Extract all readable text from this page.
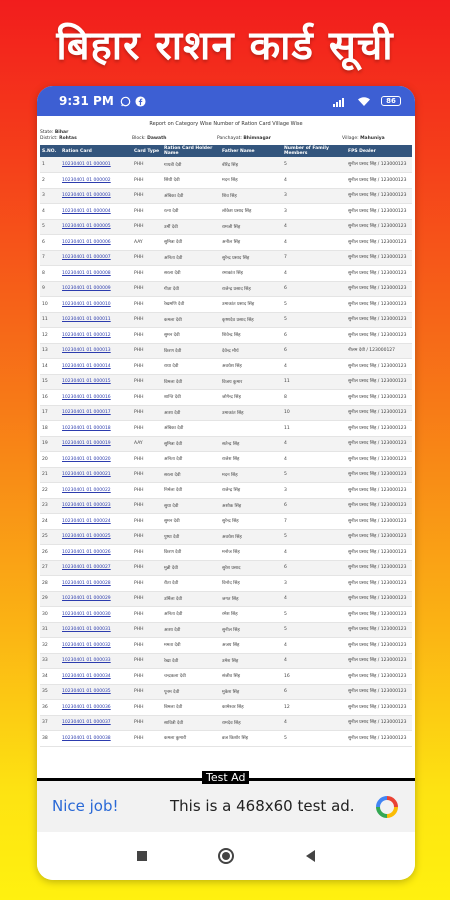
बिहार राशन कार्ड सूची
9:31 PM	86
Report on Category Wise Number of Ration Card Village Wise
State: Bihar
District: Rohtas	Block: Dawath	Panchayat: Bhimnagar	Village: Mahuniya
S.NO.	Ration Card	Card Type	Ration Card Holder Name	Father Name	Number of Family Members	FPS Dealer
1	10230401 01 000001	PHH	गायत्री देवी	बीरेंद्र सिंह	5	सुनील प्रसाद सिंह / 123000123
2	10230401 01 000002	PHH	सिंधी देवी	मदन सिंह	4	सुनील प्रसाद सिंह / 123000123
3	10230401 01 000003	PHH	अंबिका देवी	शिव सिंह	3	सुनील प्रसाद सिंह / 123000123
4	10230401 01 000004	PHH	रत्ना देवी	लोकेश प्रसाद सिंह	3	सुनील प्रसाद सिंह / 123000123
5	10230401 01 000005	PHH	उर्मी देवी	रामजी सिंह	4	सुनील प्रसाद सिंह / 123000123
6	10230401 01 000006	AAY	सुमित्रा देवी	अनील सिंह	4	सुनील प्रसाद सिंह / 123000123
7	10230401 01 000007	PHH	अनिता देवी	सुरेन्द्र प्रसाद सिंह	7	सुनील प्रसाद सिंह / 123000123
8	10230401 01 000008	PHH	सरला देवी	रमाकांत सिंह	4	सुनील प्रसाद सिंह / 123000123
9	10230401 01 000009	PHH	गीता देवी	राजेन्द्र प्रसाद सिंह	6	सुनील प्रसाद सिंह / 123000123
10	10230401 01 000010	PHH	रेखमणि देवी	उमाकांत प्रसाद सिंह	5	सुनील प्रसाद सिंह / 123000123
11	10230401 01 000011	PHH	कमला देवी	कृष्णदेव प्रसाद सिंह	5	सुनील प्रसाद सिंह / 123000123
12	10230401 01 000012	PHH	सुमन देवी	शिवेन्द्र सिंह	6	सुनील प्रसाद सिंह / 123000123
13	10230401 01 000013	PHH	किरण देवी	देवेन्द्र मौर्य	6	नीलम देवी / 123000127
14	10230401 01 000014	PHH	राधा देवी	अवधेश सिंह	4	सुनील प्रसाद सिंह / 123000123
15	10230401 01 000015	PHH	विमला देवी	विजय कुमार	11	सुनील प्रसाद सिंह / 123000123
16	10230401 01 000016	PHH	शान्ति देवी	जोगेन्द्र सिंह	8	सुनील प्रसाद सिंह / 123000123
17	10230401 01 000017	PHH	आशा देवी	उमाकांत सिंह	10	सुनील प्रसाद सिंह / 123000123
18	10230401 01 000018	PHH	अंबिका देवी		11	सुनील प्रसाद सिंह / 123000123
19	10230401 01 000019	AAY	सुमित्रा देवी	सतेन्द्र सिंह	4	सुनील प्रसाद सिंह / 123000123
20	10230401 01 000020	PHH	अनिता देवी	राजेश सिंह	4	सुनील प्रसाद सिंह / 123000123
21	10230401 01 000021	PHH	सरला देवी	मदन सिंह	5	सुनील प्रसाद सिंह / 123000123
22	10230401 01 000022	PHH	निर्मला देवी	राजेन्द्र सिंह	3	सुनील प्रसाद सिंह / 123000123
23	10230401 01 000023	PHH	सुधा देवी	अशोक सिंह	6	सुनील प्रसाद सिंह / 123000123
24	10230401 01 000024	PHH	सुमन देवी	सुरेन्द्र सिंह	7	सुनील प्रसाद सिंह / 123000123
25	10230401 01 000025	PHH	पुष्पा देवी	अवधेश सिंह	5	सुनील प्रसाद सिंह / 123000123
26	10230401 01 000026	PHH	किरण देवी	मनोज सिंह	4	सुनील प्रसाद सिंह / 123000123
27	10230401 01 000027	PHH	मुन्नी देवी	सुरेश प्रसाद	6	सुनील प्रसाद सिंह / 123000123
28	10230401 01 000028	PHH	रीता देवी	विनोद सिंह	3	सुनील प्रसाद सिंह / 123000123
29	10230401 01 000029	PHH	उर्मिला देवी	जगत सिंह	4	सुनील प्रसाद सिंह / 123000123
30	10230401 01 000030	PHH	अनिता देवी	रमेश सिंह	5	सुनील प्रसाद सिंह / 123000123
31	10230401 01 000031	PHH	आशा देवी	सुनील सिंह	5	सुनील प्रसाद सिंह / 123000123
32	10230401 01 000032	PHH	ममता देवी	अजय सिंह	4	सुनील प्रसाद सिंह / 123000123
33	10230401 01 000033	PHH	रेखा देवी	उमेश सिंह	4	सुनील प्रसाद सिंह / 123000123
34	10230401 01 000034	PHH	चन्द्रकला देवी	संजीव सिंह	16	सुनील प्रसाद सिंह / 123000123
35	10230401 01 000035	PHH	पूनम देवी	मुकेश सिंह	6	सुनील प्रसाद सिंह / 123000123
36	10230401 01 000036	PHH	बिमला देवी	कामेश्वर सिंह	12	सुनील प्रसाद सिंह / 123000123
37	10230401 01 000037	PHH	सावित्री देवी	रामदेव सिंह	4	सुनील प्रसाद सिंह / 123000123
38	10230401 01 000038	PHH	कमला कुमारी	ब्रज किशोर सिंह	5	सुनील प्रसाद सिंह / 123000123
Test Ad
Nice job!	This is a 468x60 test ad.
